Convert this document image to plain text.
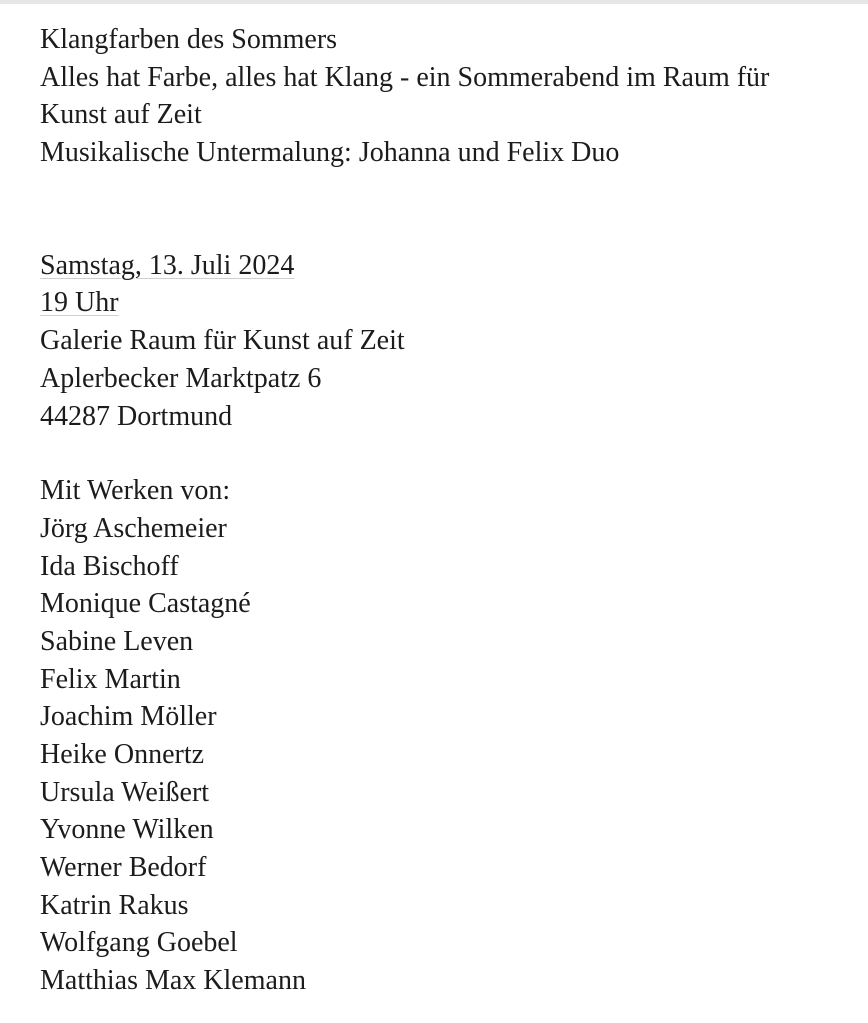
Klangfarben des Sommers
Alles hat Farbe, alles hat Klang - ein Sommerabend im Raum für Kunst auf Zeit
Musikalische Untermalung: Johanna und Felix Duo
Samstag, 13. Juli 2024
19 Uhr
Galerie Raum für Kunst auf Zeit
Aplerbecker Marktpatz 6
44287 Dortmund
Mit Werken von:
Jörg Aschemeier
Ida Bischoff
Monique Castagné
Sabine Leven
Felix Martin
Joachim Möller
Heike Onnertz
Ursula Weißert
Yvonne Wilken
Werner Bedorf
Katrin Rakus
Wolfgang Goebel
Matthias Max Klemann
